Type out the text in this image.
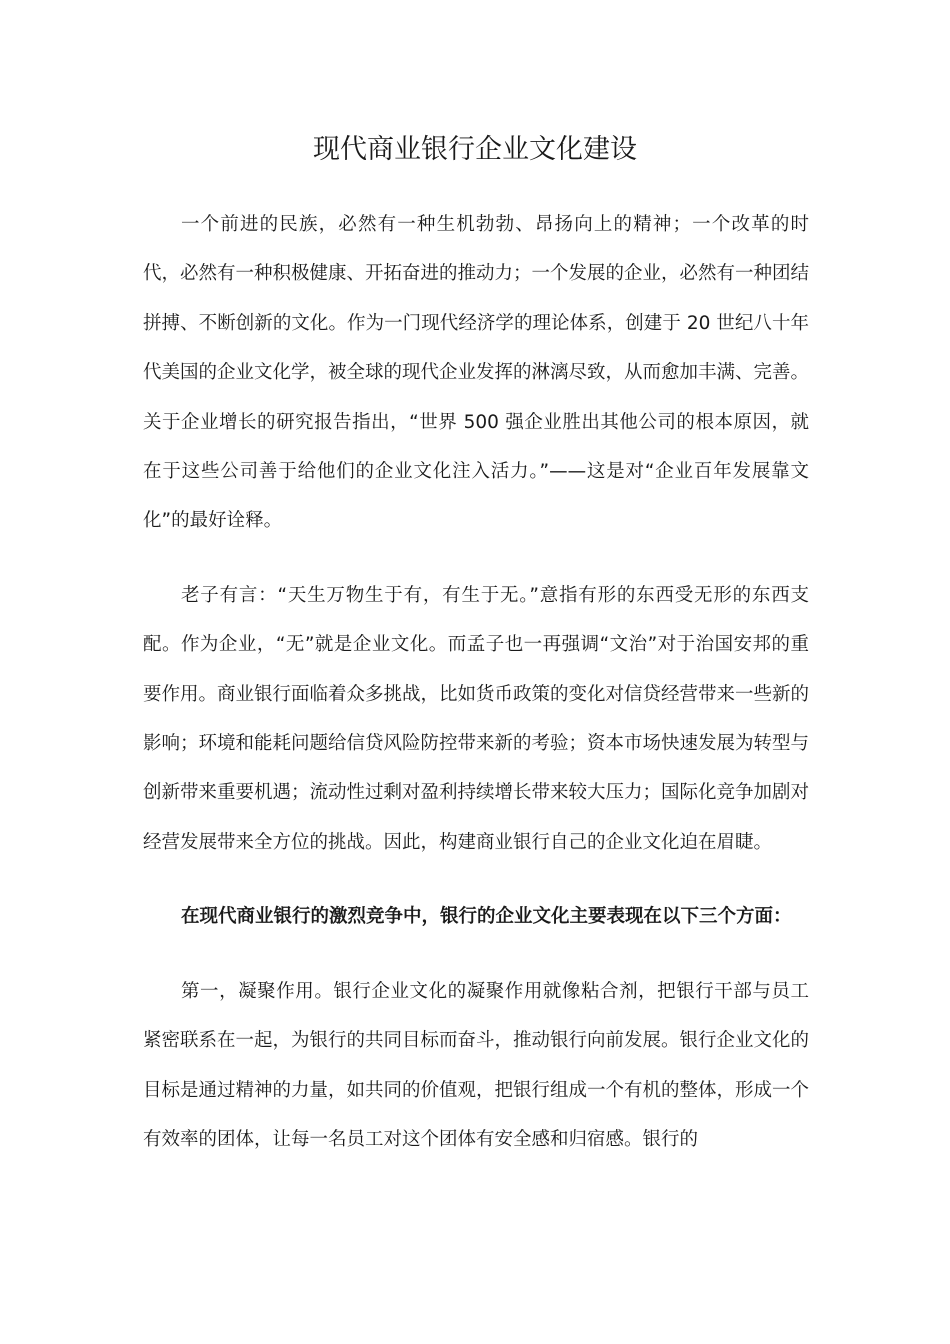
现代商业银行企业文化建设

一个前进的民族，必然有一种生机勃勃、昂扬向上的精神；一个改革的时代，必然有一种积极健康、开拓奋进的推动力；一个发展的企业，必然有一种团结拼搏、不断创新的文化。作为一门现代经济学的理论体系，创建于 20 世纪八十年代美国的企业文化学，被全球的现代企业发挥的淋漓尽致，从而愈加丰满、完善。关于企业增长的研究报告指出，“世界 500 强企业胜出其他公司的根本原因，就在于这些公司善于给他们的企业文化注入活力。”——这是对“企业百年发展靠文化”的最好诠释。

老子有言：“天生万物生于有，有生于无。”意指有形的东西受无形的东西支配。作为企业，“无”就是企业文化。而孟子也一再强调“文治”对于治国安邦的重要作用。商业银行面临着众多挑战，比如货币政策的变化对信贷经营带来一些新的影响；环境和能耗问题给信贷风险防控带来新的考验；资本市场快速发展为转型与创新带来重要机遇；流动性过剩对盈利持续增长带来较大压力；国际化竞争加剧对经营发展带来全方位的挑战。因此，构建商业银行自己的企业文化迫在眉睫。

在现代商业银行的激烈竞争中，银行的企业文化主要表现在以下三个方面：

第一，凝聚作用。银行企业文化的凝聚作用就像粘合剂，把银行干部与员工紧密联系在一起，为银行的共同目标而奋斗，推动银行向前发展。银行企业文化的目标是通过精神的力量，如共同的价值观，把银行组成一个有机的整体，形成一个有效率的团体，让每一名员工对这个团体有安全感和归宿感。银行的
